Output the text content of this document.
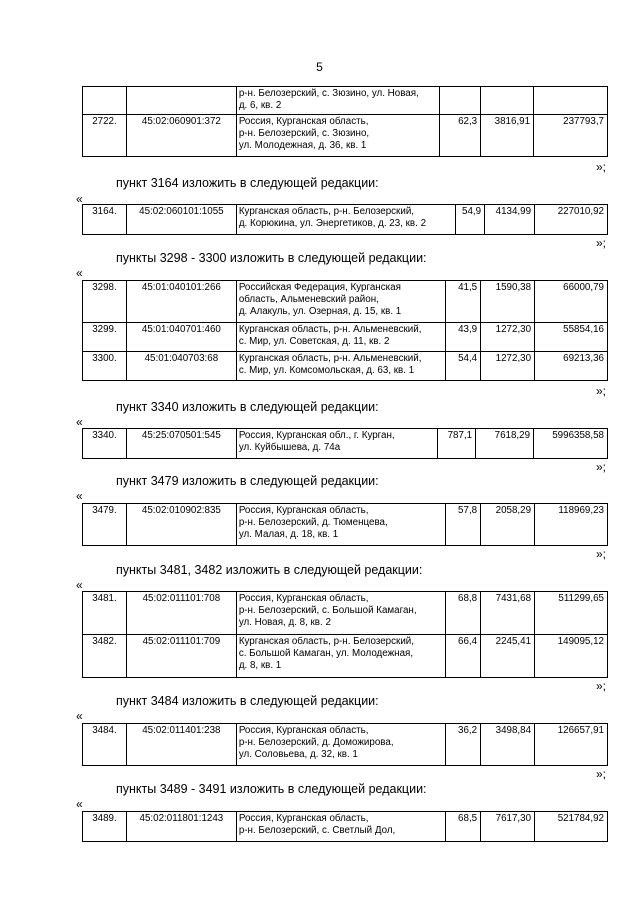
5

		р-н. Белозерский, с. Зюзино, ул. Новая,
д. 6, кв. 2			

2722.	45:02:060901:372	Россия, Курганская область,
р-н. Белозерский, с. Зюзино,
ул. Молодежная, д. 36, кв. 1	62,3	3816,91	237793,7
»;
пункт 3164 изложить в следующей редакции:
«
3164.	45:02:060101:1055	Курганская область, р-н. Белозерский,
д. Корюкина, ул. Энергетиков, д. 23, кв. 2
	54,9	4134,99	227010,92
»;
пункты 3298 - 3300 изложить в следующей редакции:
«
3298.	45:01:040101:266	Российская Федерация, Курганская
область, Альменевский район,
д. Алакуль, ул. Озерная, д. 15, кв. 1	41,5	1590,38	66000,79
3299.	45:01:040701:460	Курганская область, р-н. Альменевский,
с. Мир, ул. Советская, д. 11, кв. 2	43,9	1272,30	55854,16
3300.	45:01:040703:68	Курганская область, р-н. Альменевский,
с. Мир, ул. Комсомольская, д. 63, кв. 1	54,4	1272,30	69213,36
»;
пункт 3340 изложить в следующей редакции:
«
3340.	45:25:070501:545	Россия, Курганская обл., г. Курган,
ул. Куйбышева, д. 74а
	787,1	7618,29	5996358,58
»;
пункт 3479 изложить в следующей редакции:
«
3479.	45:02:010902:835	Россия, Курганская область,
р-н. Белозерский, д. Тюменцева,
ул. Малая, д. 18, кв. 1
	57,8	2058,29	118969,23
»;
пункты 3481, 3482 изложить в следующей редакции:
«
3481.	45:02:011101:708	Россия, Курганская область,
р-н. Белозерский, с. Большой Камаган,
ул. Новая, д. 8, кв. 2	68,8	7431,68	511299,65
3482.	45:02:011101:709	Курганская область, р-н. Белозерский,
с. Большой Камаган, ул. Молодежная,
д. 8, кв. 1	66,4	2245,41	149095,12
»;
пункт 3484 изложить в следующей редакции:
«
3484.	45:02:011401:238	Россия, Курганская область,
р-н. Белозерский, д. Доможирова,
ул. Соловьева, д. 32, кв. 1
	36,2	3498,84	126657,91
»;
пункты 3489 - 3491 изложить в следующей редакции:
«
3489.	45:02:011801:1243	Россия, Курганская область,
р-н. Белозерский, с. Светлый Дол,
	68,5	7617,30	521784,92
